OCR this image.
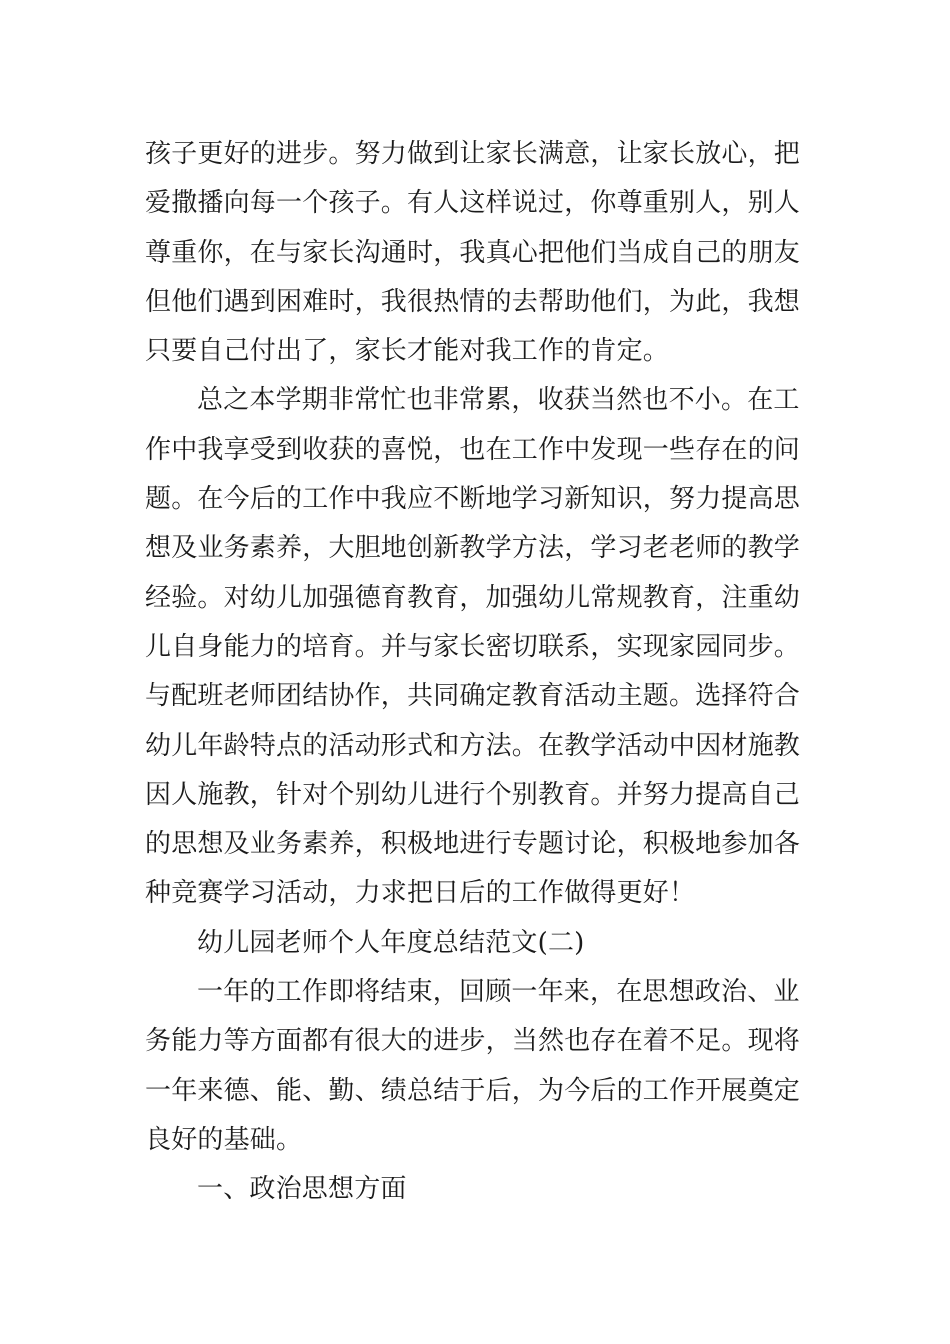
孩子更好的进步。努力做到让家长满意，让家长放心，把
爱撒播向每一个孩子。有人这样说过，你尊重别人，别人
尊重你，在与家长沟通时，我真心把他们当成自己的朋友
但他们遇到困难时，我很热情的去帮助他们，为此，我想
只要自己付出了，家长才能对我工作的肯定。
总之本学期非常忙也非常累，收获当然也不小。在工
作中我享受到收获的喜悦，也在工作中发现一些存在的问
题。在今后的工作中我应不断地学习新知识，努力提高思
想及业务素养，大胆地创新教学方法，学习老老师的教学
经验。对幼儿加强德育教育，加强幼儿常规教育，注重幼
儿自身能力的培育。并与家长密切联系，实现家园同步。
与配班老师团结协作，共同确定教育活动主题。选择符合
幼儿年龄特点的活动形式和方法。在教学活动中因材施教
因人施教，针对个别幼儿进行个别教育。并努力提高自己
的思想及业务素养，积极地进行专题讨论，积极地参加各
种竞赛学习活动，力求把日后的工作做得更好！
幼儿园老师个人年度总结范文(二)
一年的工作即将结束，回顾一年来，在思想政治、业
务能力等方面都有很大的进步，当然也存在着不足。现将
一年来德、能、勤、绩总结于后，为今后的工作开展奠定
良好的基础。
一、政治思想方面
